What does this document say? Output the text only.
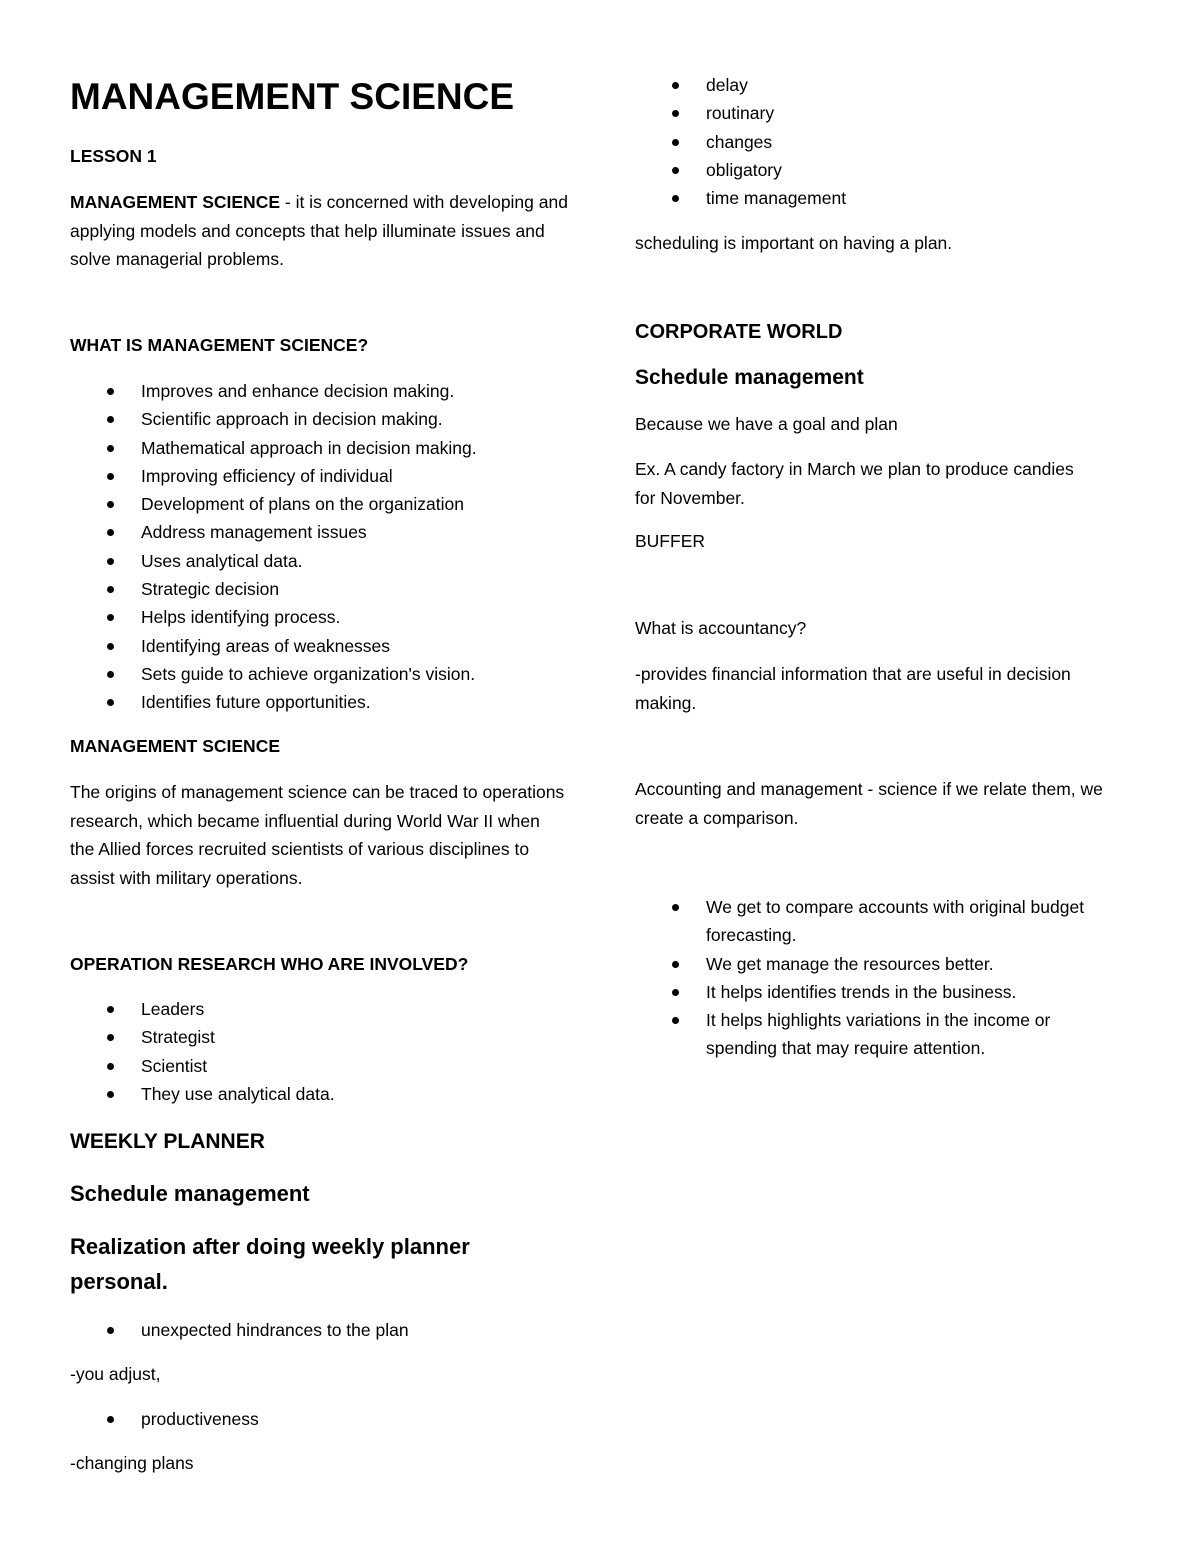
MANAGEMENT SCIENCE

LESSON 1

MANAGEMENT SCIENCE - it is concerned with developing and applying models and concepts that help illuminate issues and solve managerial problems.

WHAT IS MANAGEMENT SCIENCE?

Improves and enhance decision making.
Scientific approach in decision making.
Mathematical approach in decision making.
Improving efficiency of individual
Development of plans on the organization
Address management issues
Uses analytical data.
Strategic decision
Helps identifying process.
Identifying areas of weaknesses
Sets guide to achieve organization's vision.
Identifies future opportunities.

MANAGEMENT SCIENCE

The origins of management science can be traced to operations research, which became influential during World War II when the Allied forces recruited scientists of various disciplines to assist with military operations.

OPERATION RESEARCH WHO ARE INVOLVED?

Leaders
Strategist
Scientist
They use analytical data.

WEEKLY PLANNER

Schedule management

Realization after doing weekly planner personal.

unexpected hindrances to the plan

-you adjust,

productiveness

-changing plans

delay
routinary
changes
obligatory
time management

scheduling is important on having a plan.

CORPORATE WORLD

Schedule management

Because we have a goal and plan

Ex. A candy factory in March we plan to produce candies for November.

BUFFER

What is accountancy?

-provides financial information that are useful in decision making.

Accounting and management - science if we relate them, we create a comparison.

We get to compare accounts with original budget forecasting.
We get manage the resources better.
It helps identifies trends in the business.
It helps highlights variations in the income or spending that may require attention.
